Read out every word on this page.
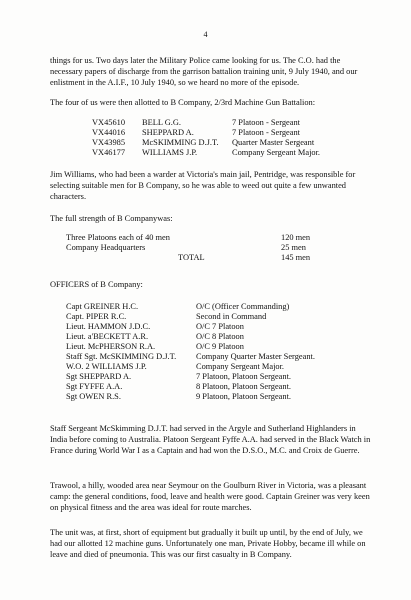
4

things for us. Two days later the Military Police came looking for us. The C.O. had the necessary papers of discharge from the garrison battalion training unit, 9 July 1940, and our enlistment in the A.I.F., 10 July 1940, so we heard no more of the episode.

The four of us were then allotted to B Company, 2/3rd Machine Gun Battalion:

VX45610 BELL G.G.	7 Platoon - Sergeant
VX44016 SHEPPARD A.	7 Platoon - Sergeant
VX43985 McSKIMMING D.J.T. Quarter Master Sergeant
VX46177 WILLIAMS J.P.	Company Sergeant Major.

Jim Williams, who had been a warder at Victoria's main jail, Pentridge, was responsible for selecting suitable men for B Company, so he was able to weed out quite a few unwanted characters.

The full strength of B Companywas:

Three Platoons each of 40 men	120 men
Company Headquarters	25 men
TOTAL	145 men

OFFICERS of B Company:

Capt GREINER H.C.	O/C (Officer Commanding)
Capt. PIPER R.C.	Second in Command
Lieut. HAMMON J.D.C.	O/C 7 Platoon
Lieut. a'BECKETT A.R.	O/C 8 Platoon
Lieut. McPHERSON R.A.	O/C 9 Platoon
Staff Sgt. McSKIMMING D.J.T. Company Quarter Master Sergeant.
W.O. 2 WILLIAMS J.P.	Company Sergeant Major.
Sgt SHEPPARD A.	7 Platoon, Platoon Sergeant.
Sgt FYFFE A.A.	8 Platoon, Platoon Sergeant.
Sgt OWEN R.S.	9 Platoon, Platoon Sergeant.

Staff Sergeant McSkimming D.J.T. had served in the Argyle and Sutherland Highlanders in India before coming to Australia. Platoon Sergeant Fyffe A.A. had served in the Black Watch in France during World War I as a Captain and had won the D.S.O., M.C. and Croix de Guerre.

Trawool, a hilly, wooded area near Seymour on the Goulburn River in Victoria, was a pleasant camp: the general conditions, food, leave and health were good. Captain Greiner was very keen on physical fitness and the area was ideal for route marches.

The unit was, at first, short of equipment but gradually it built up until, by the end of July, we had our allotted 12 machine guns. Unfortunately one man, Private Hobby, became ill while on leave and died of pneumonia. This was our first casualty in B Company.
